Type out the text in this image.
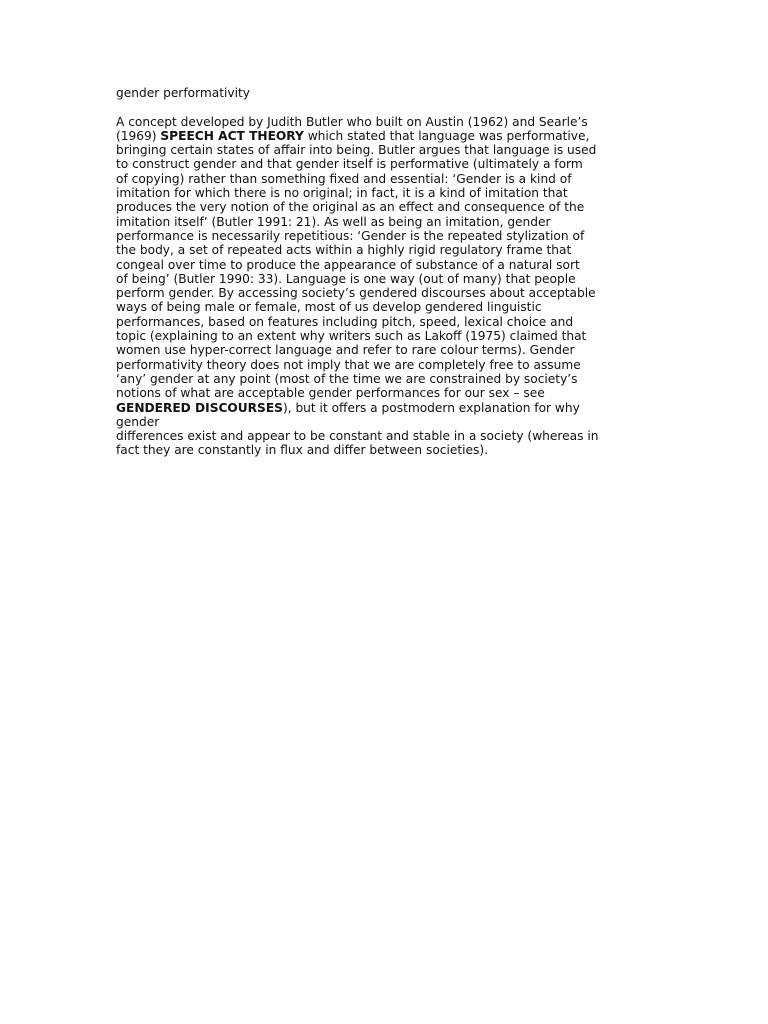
gender performativity
A concept developed by Judith Butler who built on Austin (1962) and Searle’s
(1969) SPEECH ACT THEORY which stated that language was performative,
bringing certain states of affair into being. Butler argues that language is used
to construct gender and that gender itself is performative (ultimately a form
of copying) rather than something fixed and essential: ‘Gender is a kind of
imitation for which there is no original; in fact, it is a kind of imitation that
produces the very notion of the original as an effect and consequence of the
imitation itself’ (Butler 1991: 21). As well as being an imitation, gender
performance is necessarily repetitious: ‘Gender is the repeated stylization of
the body, a set of repeated acts within a highly rigid regulatory frame that
congeal over time to produce the appearance of substance of a natural sort
of being’ (Butler 1990: 33). Language is one way (out of many) that people
perform gender. By accessing society’s gendered discourses about acceptable
ways of being male or female, most of us develop gendered linguistic
performances, based on features including pitch, speed, lexical choice and
topic (explaining to an extent why writers such as Lakoff (1975) claimed that
women use hyper-correct language and refer to rare colour terms). Gender
performativity theory does not imply that we are completely free to assume
‘any’ gender at any point (most of the time we are constrained by society’s
notions of what are acceptable gender performances for our sex – see
GENDERED DISCOURSES), but it offers a postmodern explanation for why
gender
differences exist and appear to be constant and stable in a society (whereas in
fact they are constantly in flux and differ between societies).
